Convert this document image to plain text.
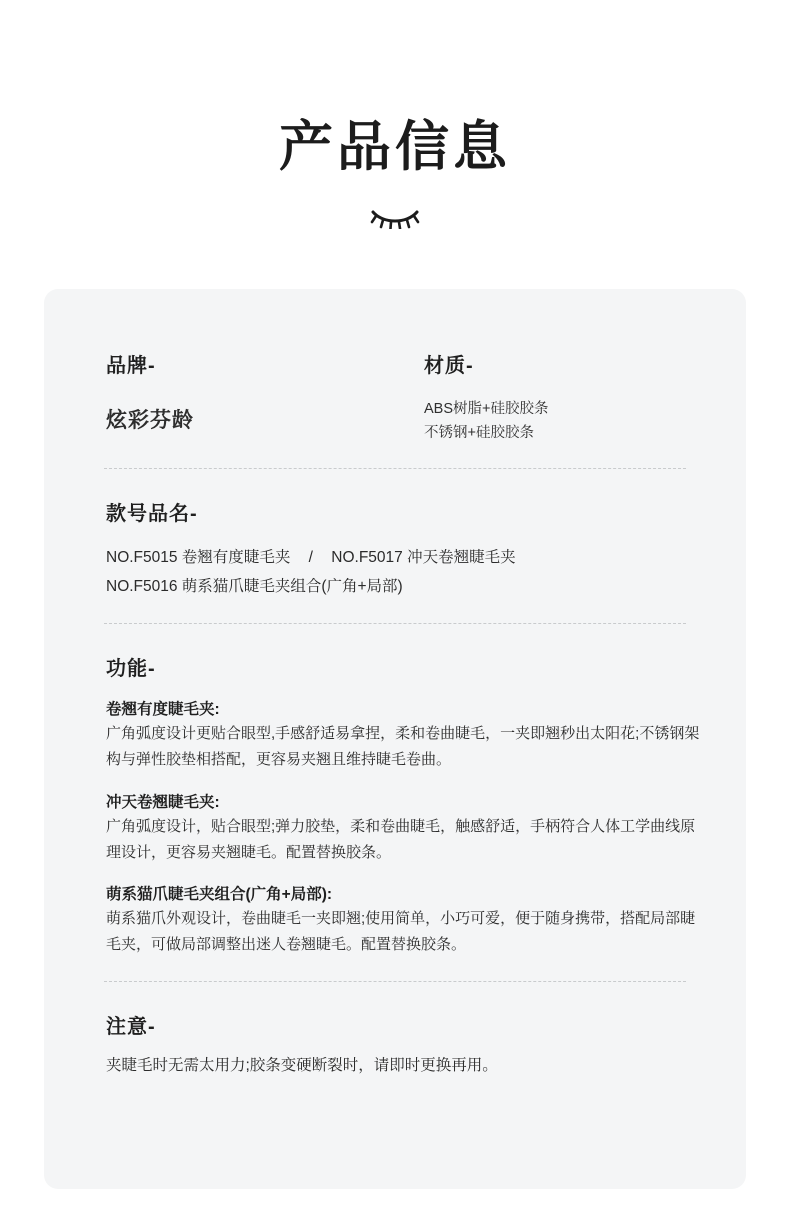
产品信息
品牌-
炫彩芬龄
材质-
ABS树脂+硅胶胶条
不锈钢+硅胶胶条
款号品名-
NO.F5015 卷翘有度睫毛夹 / NO.F5017 冲天卷翘睫毛夹
NO.F5016 萌系猫爪睫毛夹组合(广角+局部)
功能-
卷翘有度睫毛夹:
广角弧度设计更贴合眼型,手感舒适易拿捏，柔和卷曲睫毛，一夹即翘秒出太阳花;不锈钢架构与弹性胶垫相搭配，更容易夹翘且维持睫毛卷曲。
冲天卷翘睫毛夹:
广角弧度设计，贴合眼型;弹力胶垫，柔和卷曲睫毛，触感舒适，手柄符合人体工学曲线原理设计，更容易夹翘睫毛。配置替换胶条。
萌系猫爪睫毛夹组合(广角+局部):
萌系猫爪外观设计，卷曲睫毛一夹即翘;使用简单，小巧可爱，便于随身携带，搭配局部睫毛夹，可做局部调整出迷人卷翘睫毛。配置替换胶条。
注意-
夹睫毛时无需太用力;胶条变硬断裂时，请即时更换再用。
